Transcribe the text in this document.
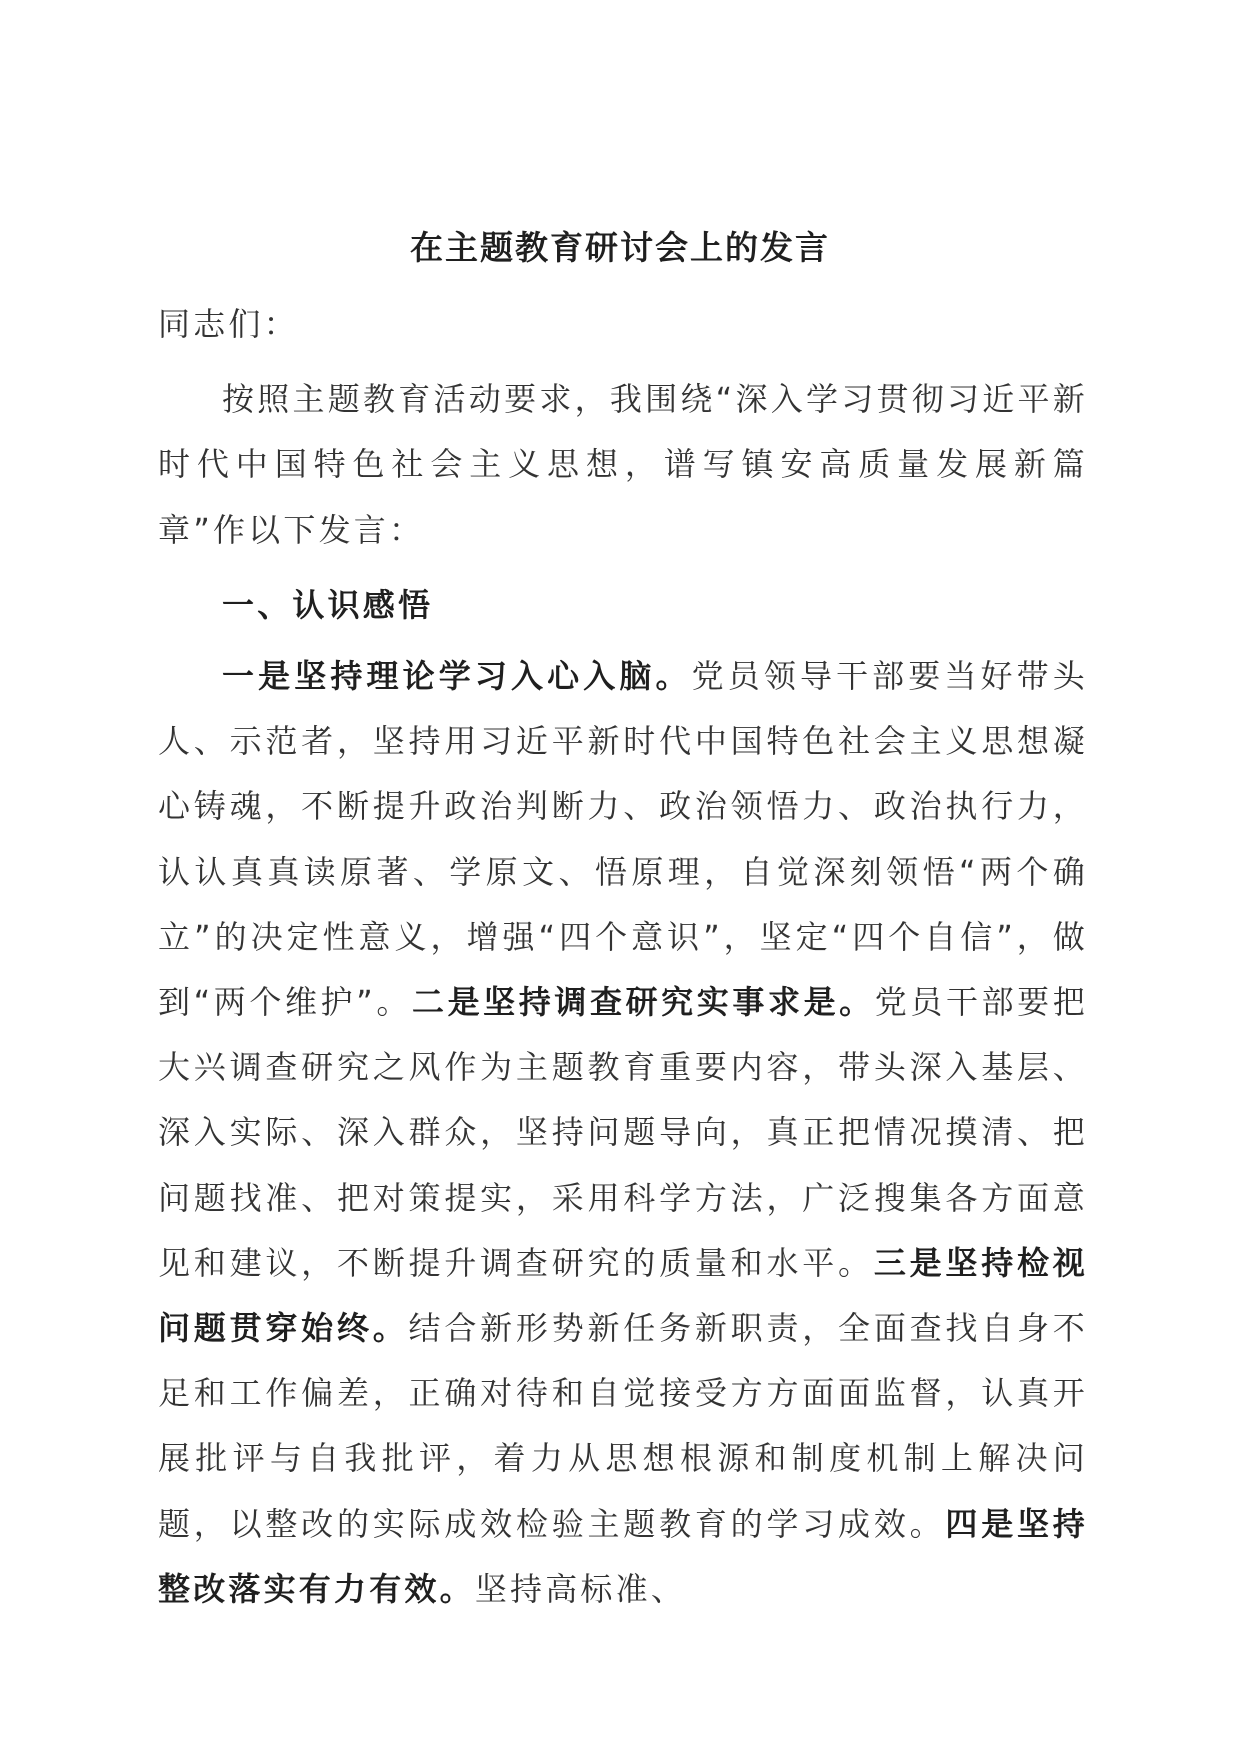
在主题教育研讨会上的发言

同志们：

按照主题教育活动要求，我围绕“深入学习贯彻习近平新时代中国特色社会主义思想，谱写镇安高质量发展新篇章”作以下发言：

一、认识感悟

一是坚持理论学习入心入脑。党员领导干部要当好带头人、示范者，坚持用习近平新时代中国特色社会主义思想凝心铸魂，不断提升政治判断力、政治领悟力、政治执行力，认认真真读原著、学原文、悟原理，自觉深刻领悟“两个确立”的决定性意义，增强“四个意识”，坚定“四个自信”，做到“两个维护”。二是坚持调查研究实事求是。党员干部要把大兴调查研究之风作为主题教育重要内容，带头深入基层、深入实际、深入群众，坚持问题导向，真正把情况摸清、把问题找准、把对策提实，采用科学方法，广泛搜集各方面意见和建议，不断提升调查研究的质量和水平。三是坚持检视问题贯穿始终。结合新形势新任务新职责，全面查找自身不足和工作偏差，正确对待和自觉接受方方面面监督，认真开展批评与自我批评，着力从思想根源和制度机制上解决问题，以整改的实际成效检验主题教育的学习成效。四是坚持整改落实有力有效。坚持高标准、
